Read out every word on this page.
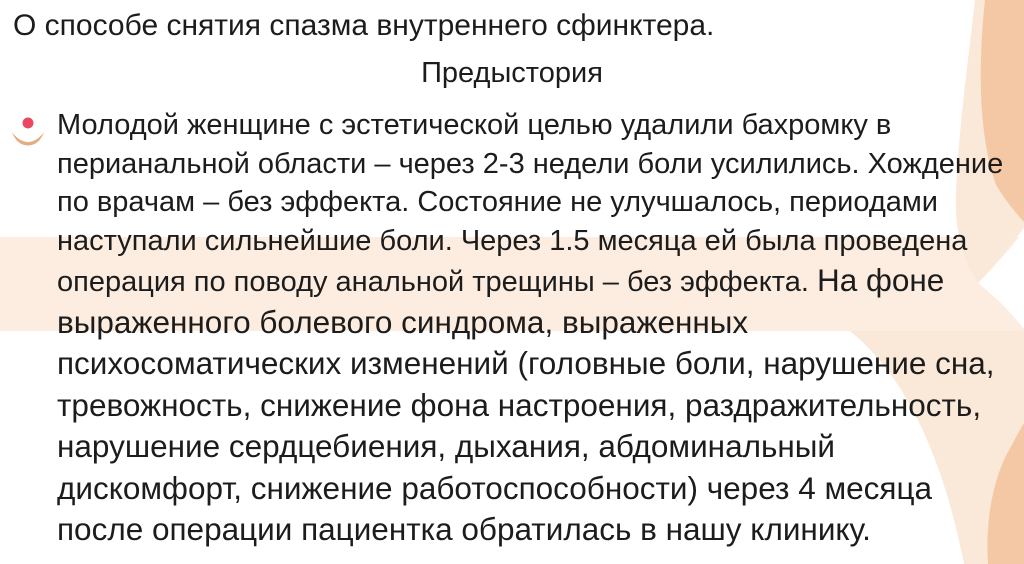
О способе снятия спазма внутреннего сфинктера.
Предыстория
Молодой женщине с эстетической целью удалили бахромку в
перианальной области – через 2-3 недели боли усилились. Хождение
по врачам – без эффекта. Состояние не улучшалось, периодами
наступали сильнейшие боли. Через 1.5 месяца ей была проведена
операция по поводу анальной трещины – без эффекта. На фоне
выраженного болевого синдрома, выраженных
психосоматических изменений (головные боли, нарушение сна,
тревожность, снижение фона настроения, раздражительность,
нарушение сердцебиения, дыхания, абдоминальный
дискомфорт, снижение работоспособности) через 4 месяца
после операции пациентка обратилась в нашу клинику.
